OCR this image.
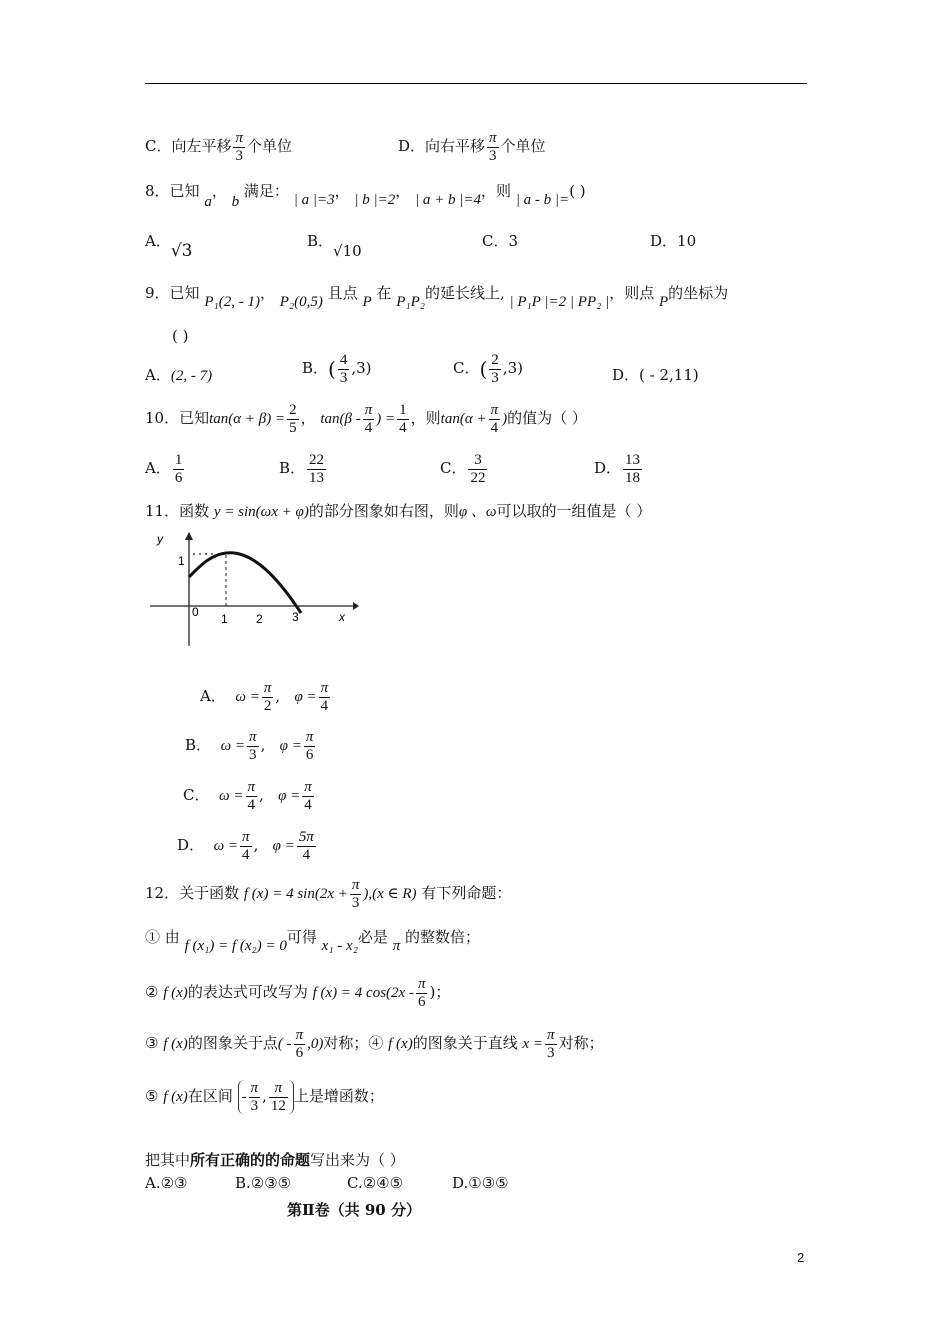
C．向左平移 $\frac{\pi}{3}$ 个单位	D．向右平移 $\frac{\pi}{3}$ 个单位
8．已知 a， b 满足： | a |=3， | b |=2， | a + b |=4，则 | a - b |=( )
A．√3	B．√10
C．3	D．10
9．已知 P₁(2, - 1)， P₂(0,5) 且点 P 在 P₁P₂的延长线上, | P₁P |=2 | PP₂ |，则点 P的坐标为
( )
A．(2, - 7)	B．( $\frac{4}{3} ,3$)	C．( $\frac{2}{3} ,3$)	D．( - 2,11)
10．已知$\tan(\alpha + \beta) = \frac{2}{5}$ ， $\tan(\beta - \frac{\pi}{4}$ ) = $\frac{1}{4}$ ，则$\tan(\alpha + \frac{\pi}{4}$ )的值为（ ）
A． $\frac{1}{6}$	B． $\frac{22}{13}$	C． $\frac{3}{22}$	D． $\frac{13}{18}$
11．函数 y = sin(ωx + φ)的部分图象如右图，则φ 、ω可以取的一组值是（ ）
y
x
1
0 1 2 3
A． $\omega = \frac{\pi}{2}$ ,   $\varphi = \frac{\pi}{4}$
B． $\omega = \frac{\pi}{3}$ ,   $\varphi = \frac{\pi}{6}$
C． $\omega = \frac{\pi}{4}$ ,   $\varphi = \frac{\pi}{4}$
D． $\omega = \frac{\pi}{4}$ ,   $\varphi = \frac{5\pi}{4}$
12．关于函数 f (x) = 4 $\sin(2x + \frac{\pi}{3} ),(x$ ∈ R) 有下列命题：
① 由 f (x₁) = f (x₂) = 0可得 x₁ - x₂必是 π 的整数倍；
② f (x)的表达式可改写为 f (x) = 4 $\cos(2x - \frac{\pi}{6}$ )；
③ f (x)的图象关于点( - $\frac{\pi}{6} ,0$)对称；④ f (x)的图象关于直线 $x = \frac{\pi}{3}$ 对称；
⑤ f (x)在区间 - $\frac{\pi}{3}$ , $\frac{\pi}{12}$ 上是增函数；
把其中所有正确的的命题写出来为（ ）
A.②③	B.②③⑤	C.②④⑤	D.①③⑤
第Ⅱ卷（共 90 分）
2
